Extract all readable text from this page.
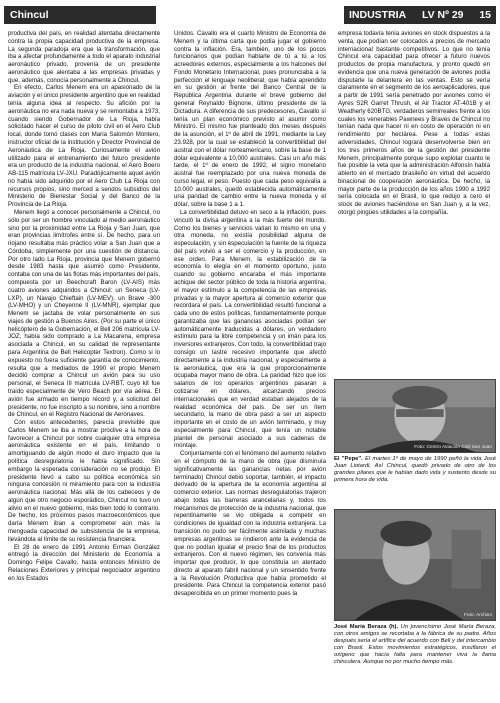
Chincul	INDUSTRIA LV Nº 29 15

productiva del país, en realidad atentaba directamente contra la propia capacidad productiva de la empresa. La segunda paradoja era que la transformación, que iba a afectar profundamente a todo el aparato industrial aeronáutico privado, provenía de un presidente aeronáutico que alentaba a las empresas privadas y que, además, conocía personalmente a Chincul.

En efecto, Carlos Menem era un apasionado de la aviación y el único presidente argentino que en realidad tenía alguna idea al respecto. Su afición por la aeronáutica no era nada nueva y se remontaba a 1973, cuando siendo Gobernador de La Rioja, había solicitado hacer el curso de piloto civil en el Aero Club local, donde tomó clases con Maria Salomón Montero, instructor oficial de la institución y Director Provincial de Aeronáutica de La Rioja. Curiosamente el avión utilizado para el entrenamiento del futuro presidente era un producto de la industria nacional, el Aero Boero AB-115 matrícula LV-JXU. Paradójicamente aquel avión no había sido adquirido por el Aero Club La Rioja con recursos propios, sino merced a sendos subsidios del Ministerio de Bienestar Social y del Banco de la Provincia de La Rioja.

Menem llegó a conocer personalmente a Chincul, no sólo por ser un hombre vinculado al medio aeronáutico sino por la proximidad entre La Rioja y San Juan, que eran provincias limítrofes entre sí. De hecho, para un riojano resultaba más práctico volar a San Juan que a Córdoba, simplemente por una cuestión de distancia. Por otro lado La Rioja, provincia que Menem gobernó desde 1983 hasta que asumió como Presidente, contaba con una de las flotas más importantes del país, compuesta por un Beechcraft Baron (LV-AIS) más cuatro aviones adquiridos a Chincul: un Seneca (LV-LXP), un Navajo Chieftain (LV-MEV), un Brave -300 (LV-MHO) y un Cheyenne II (LV-MNR), ejemplar que Menem se jactaba de volar personalmente en sus viajes de gestión a Buenos Aires. (Por su parte el único helicóptero de la Gobernación, el Bell 206 matrícula LV-JOZ, había sido comprado a La Macarena, empresa asociada a Chincul, en su calidad de representante para Argentina de Bell Helicopter Textron). Como si lo expuesto no fuera suficiente garantía de conocimiento, resulta que a mediados de 1990 el propio Menem decidió comprar a Chincul un avión para su uso personal, el Seneca III matrícula LV-RBT, cuyo kit fue traído especialmente de Vero Beach por vía aérea. El avión fue armado en tiempo récord y, a solicitud del presidente, no fue inscripto a su nombre, sino a nombre de Chincul, en el Registro Nacional de Aeronaves.

Con estos antecedentes, parecía previsible que Carlos Menem se iba a mostrar proclive a la hora de favorecer a Chincul por sobre cualquier otra empresa aeronáutica existente en el país, limitando o amortiguando de algún modo el duro impacto que la política desregulatoria le había significado. Sin embargo la esperada consideración no se produjo. El presidente llevó a cabo su política económica sin ninguna concesión ni miramiento para con la industria aeronáutica nacional. Más allá de los cabeceos y de algún que otro negocio esporádico, Chincul no tuvo un alivio en el nuevo gobierno, más bien todo lo contrario. De hecho, los próximos pasos macroeconómicos que daría Menem iban a comprometer aún más la menguada capacidad de subsistencia de la empresa, llevándola al límite de su resistencia financiera.

El 28 de enero de 1991 Antonio Erman González entregó la dirección del Ministerio de Economía a Domingo Felipe Cavallo, hasta entonces Ministro de Relaciones Exteriores y principal negociador argentino en los Estados

Unidos. Cavallo era el cuarto Ministro de Economía de Menem y la última carta que podía jugar el gobierno contra la inflación. Era, también, uno de los pocos funcionarios que podían hablarle de tú a tú a los acreedores externos, especialmente a los halcones del Fondo Monetario Internacional, pues pronunciaba a la perfección el lenguaje neoliberal, que había aprendido en su gestión al frente del Banco Central de la República Argentina durante el breve gobierno del general Reynaldo Bignone, último presidente de la Dictadura. A diferencia de sus predecesores, Cavallo sí tenía un plan económico previsto al asumir como Ministro. El mismo fue planteado dos meses después de la asunción, el 1º de abril de 1991, mediante la Ley 23.928, por la cual se estableció la convertibilidad del austral con el dólar norteamericano, sobre la base de 1 dólar equivalente a 10,000 australes. Casi un año más tarde, el 1º de enero de 1992, el signo monetario austral fue reemplazado por una nueva moneda de curso legal, el peso. Puesto que cada peso equivalía a 10.000 australes, quedó establecida automáticamente una paridad de cambio entre la nueva moneda y el dólar, sobre la base 1 a 1.

La convertibilidad detuvo en seco a la inflación, pues vinculó la divisa argentina a la más fuerte del mundo. Como los bienes y servicios valían lo mismo en una y otra moneda, no existía posibilidad alguna de especulación, y sin especulación la fuente de la riqueza del país volvió a ser el comercio y la producción, en ese orden. Para Menem, la estabilización de la economía lo elegía en el momento oportuno, justo cuando su gobierno encaraba el más importante achique del sector público de toda la historia argentina, el mayor estímulo a la competencia de las empresas privadas y la mayor apertura al comercio exterior que recordara el país. La convertibilidad resultó funcional a cada uno de estos políticas, fundamentalmente porque garantizaba que las ganancias asociadas podían ser automáticamente traducidas a dólares, un verdadero estímulo para la libre competencia y un imán para los inversores extranjeros. Con todo, la convertibilidad trajo consigo un lastre recesivo importante que afectó directamente a la industria nacional, y especialmente a la aeronáutica, que era la que proporcionalmente ocupaba mayor mano de obra. La paridad hizo que los salarios de los operarios argentinos pasaran a cotizarse en dólares, alcanzando precios internacionales que en verdad estaban alejados de la realidad económica del país. De ser un ítem secundario, la mano de obra pasó a ser un aspecto importante en el costo de un avión terminado, y muy especialmente para Chincul, que tenía un notable plantel de personal asociado a sus cadenas de montaje.

Conjuntamente con el fenómeno del aumento relativo en el cómputo de la mano de obra (que disminuía significativamente las ganancias netas por avión terminado) Chincul debió soportar, también, el impacto derivado de la apertura de la economía argentina al comercio exterior. Las normas desregulatorias trajeron abajo todas las barreras arancelarias y, todos los mecanismos de protección de la industria nacional, que repentinamente se vio obligada a competir en condiciones de igualdad con la industria extranjera. La transición no pudo ser fácilmente asimilada y muchas empresas argentinas se rindieron ante la evidencia de que no podían igualar el precio final de los productos extranjeros. Con el nuevo régimen, les convenía más importar que producir, lo que constituía un atentado directo al aparato fabril nacional y un sinsentido frente a la Revolución Productiva que había prometido el presidente. Para Chincul la competencia exterior pasó desapercibida en un primer momento pues la

empresa todavía tenía aviones en stock dispuestos a la venta, que podían ser colocados a precios de mercado internacional bastante competitivos. Lo que no tenía Chincul era capacidad para ofrecer a futuro nuevos productos de propia manufactura, y pronto quedó en evidencia que una nueva generación de aviones podía disputarle la delantera en las ventas. Esto se vería claramente en el segmento de los aeroaplicadores, que a partir de 1991 sería penetrado por aviones como el Ayres S2R Garret Thrush, el Air Tractor AT-401B y el Weatherly 620BTG, verdaderos semirreales frente a los cuales los venerables Pawnees y Braves de Chincul no tenían nada que hacer ni en costo de operación ni en rendimiento por hectárea. Pese a todas estas adversidades, Chincul logrará desenvolverse bien en los tres primeros años de la gestión del presidente Menem, principalmente porque supo explotar cuanto le fue posible la veta que la administración Alfonsín había abierto en el mercado brasileño en virtud del acuerdo binacional de cooperación aeronáutica. De hecho, la mayor parte de la producción de los años 1990 a 1992 sería colocada en el Brasil, lo que redujo a cero el stock de aviones haciéndose en San Juan y, a la vez, otorgó pingües utilidades a la compañía.

Foto: Centro Aviación Civil San Juan
El "Pepe". El martes 1º de mayo de 1990 peñó la vida José Juan Liotardi, Así Chincul, quedó privado de otro de los grandes pilares que le habían dado vida y sustento desde su primera hora de vida.
Foto: Archivo
José María Beraza (h). Un jovencísimo José María Beraza, con otros amigos se recortaba a la fábrica de su padre. Años después sería el artífice del acuerdo con Bell y del intercambio con Brasil. Estos movimientos estratégicos, insuflaron el oxígeno que hacía falta para mantener viva la llama chinculera. Aunque no por mucho tiempo más.
